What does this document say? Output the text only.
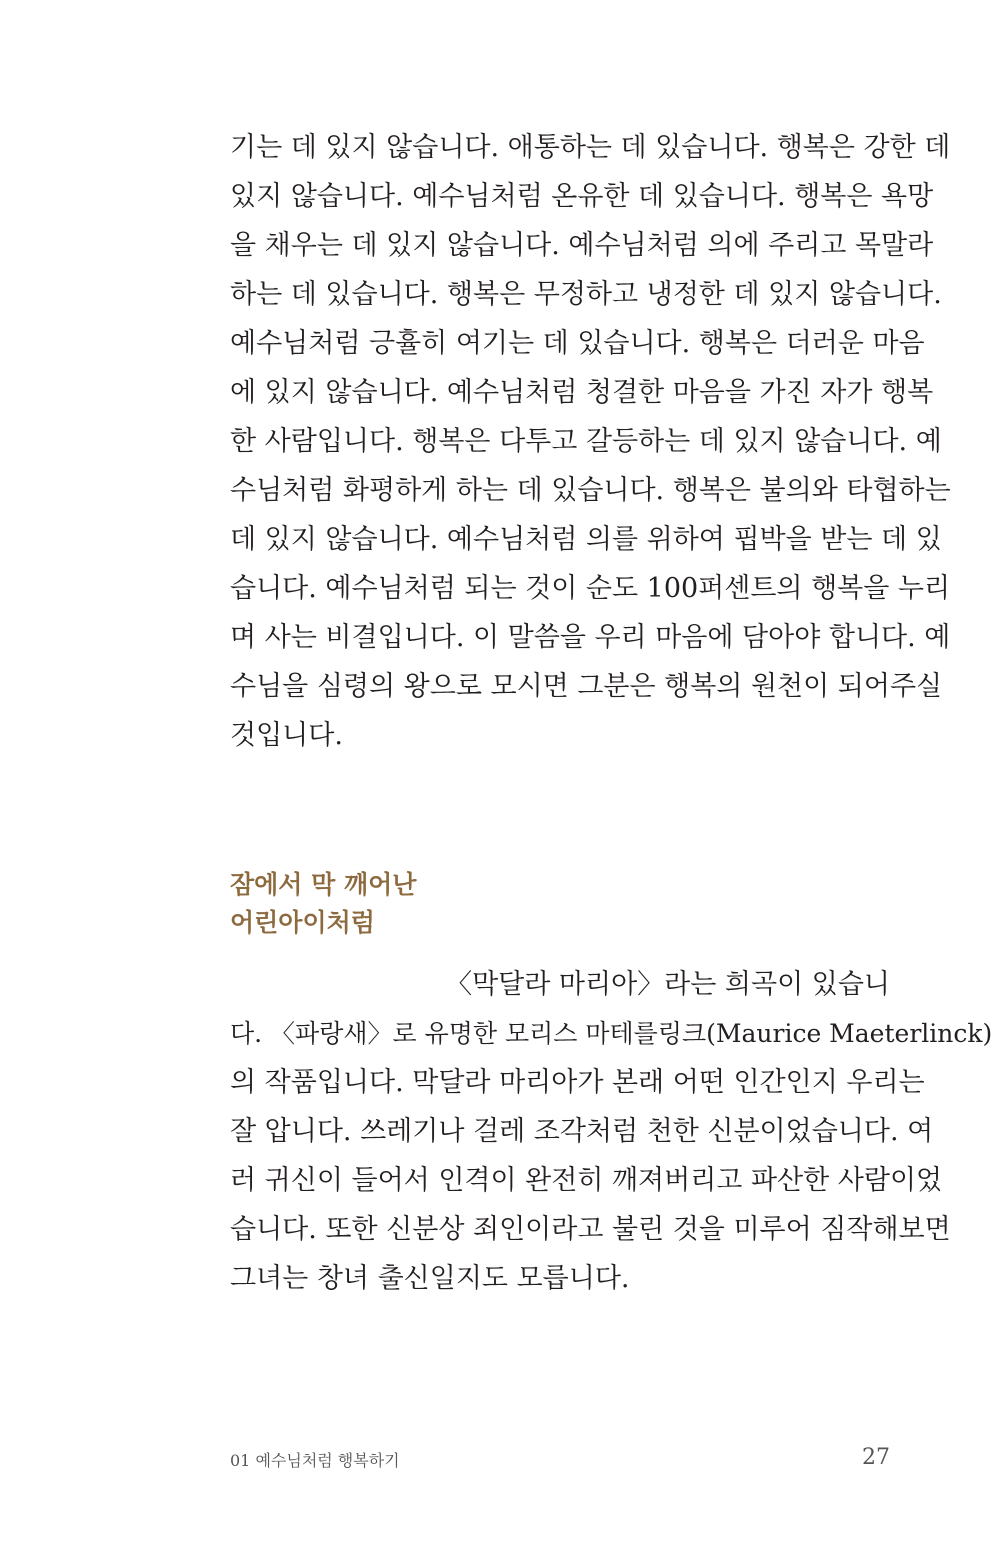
기는 데 있지 않습니다. 애통하는 데 있습니다. 행복은 강한 데
있지 않습니다. 예수님처럼 온유한 데 있습니다. 행복은 욕망
을 채우는 데 있지 않습니다. 예수님처럼 의에 주리고 목말라
하는 데 있습니다. 행복은 무정하고 냉정한 데 있지 않습니다.
예수님처럼 긍휼히 여기는 데 있습니다. 행복은 더러운 마음
에 있지 않습니다. 예수님처럼 청결한 마음을 가진 자가 행복
한 사람입니다. 행복은 다투고 갈등하는 데 있지 않습니다. 예
수님처럼 화평하게 하는 데 있습니다. 행복은 불의와 타협하는
데 있지 않습니다. 예수님처럼 의를 위하여 핍박을 받는 데 있
습니다. 예수님처럼 되는 것이 순도 100퍼센트의 행복을 누리
며 사는 비결입니다. 이 말씀을 우리 마음에 담아야 합니다. 예
수님을 심령의 왕으로 모시면 그분은 행복의 원천이 되어주실
것입니다.
잠에서 막 깨어난
어린아이처럼
〈막달라 마리아〉라는 희곡이 있습니
다. 〈파랑새〉로 유명한 모리스 마테를링크(Maurice Maeterlinck)
의 작품입니다. 막달라 마리아가 본래 어떤 인간인지 우리는
잘 압니다. 쓰레기나 걸레 조각처럼 천한 신분이었습니다. 여
러 귀신이 들어서 인격이 완전히 깨져버리고 파산한 사람이었
습니다. 또한 신분상 죄인이라고 불린 것을 미루어 짐작해보면
그녀는 창녀 출신일지도 모릅니다.
01 예수님처럼 행복하기	27
